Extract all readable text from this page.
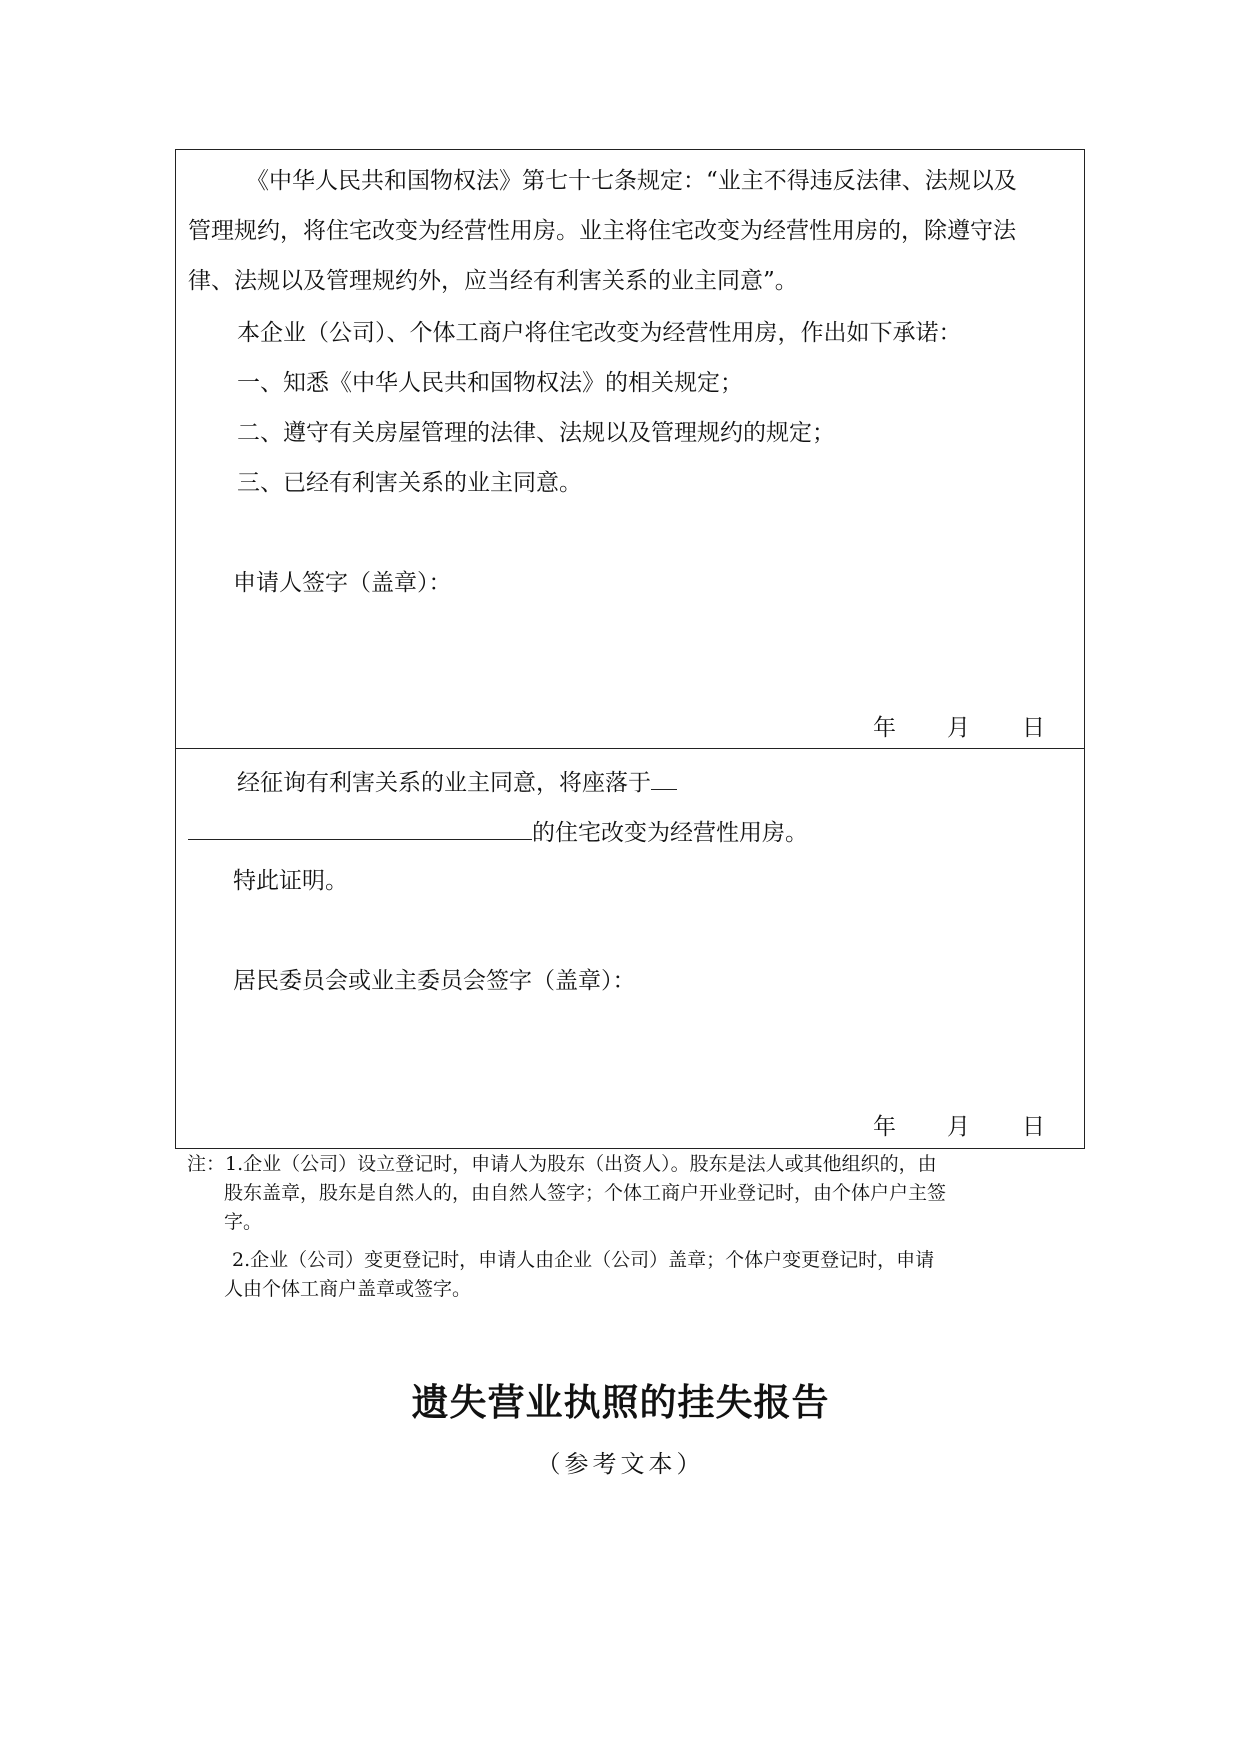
《中华人民共和国物权法》第七十七条规定：“业主不得违反法律、法规以及
管理规约，将住宅改变为经营性用房。业主将住宅改变为经营性用房的，除遵守法
律、法规以及管理规约外，应当经有利害关系的业主同意”。
本企业（公司）、个体工商户将住宅改变为经营性用房，作出如下承诺：
一、知悉《中华人民共和国物权法》的相关规定；
二、遵守有关房屋管理的法律、法规以及管理规约的规定；
三、已经有利害关系的业主同意。
申请人签字（盖章）：
年 月 日
经征询有利害关系的业主同意，将座落于
的住宅改变为经营性用房。
特此证明。
居民委员会或业主委员会签字（盖章）：
年 月 日
注：1.企业（公司）设立登记时，申请人为股东（出资人）。股东是法人或其他组织的，由
股东盖章，股东是自然人的，由自然人签字；个体工商户开业登记时，由个体户户主签
字。
2.企业（公司）变更登记时，申请人由企业（公司）盖章；个体户变更登记时，申请
人由个体工商户盖章或签字。
遗失营业执照的挂失报告
（参考文本）
